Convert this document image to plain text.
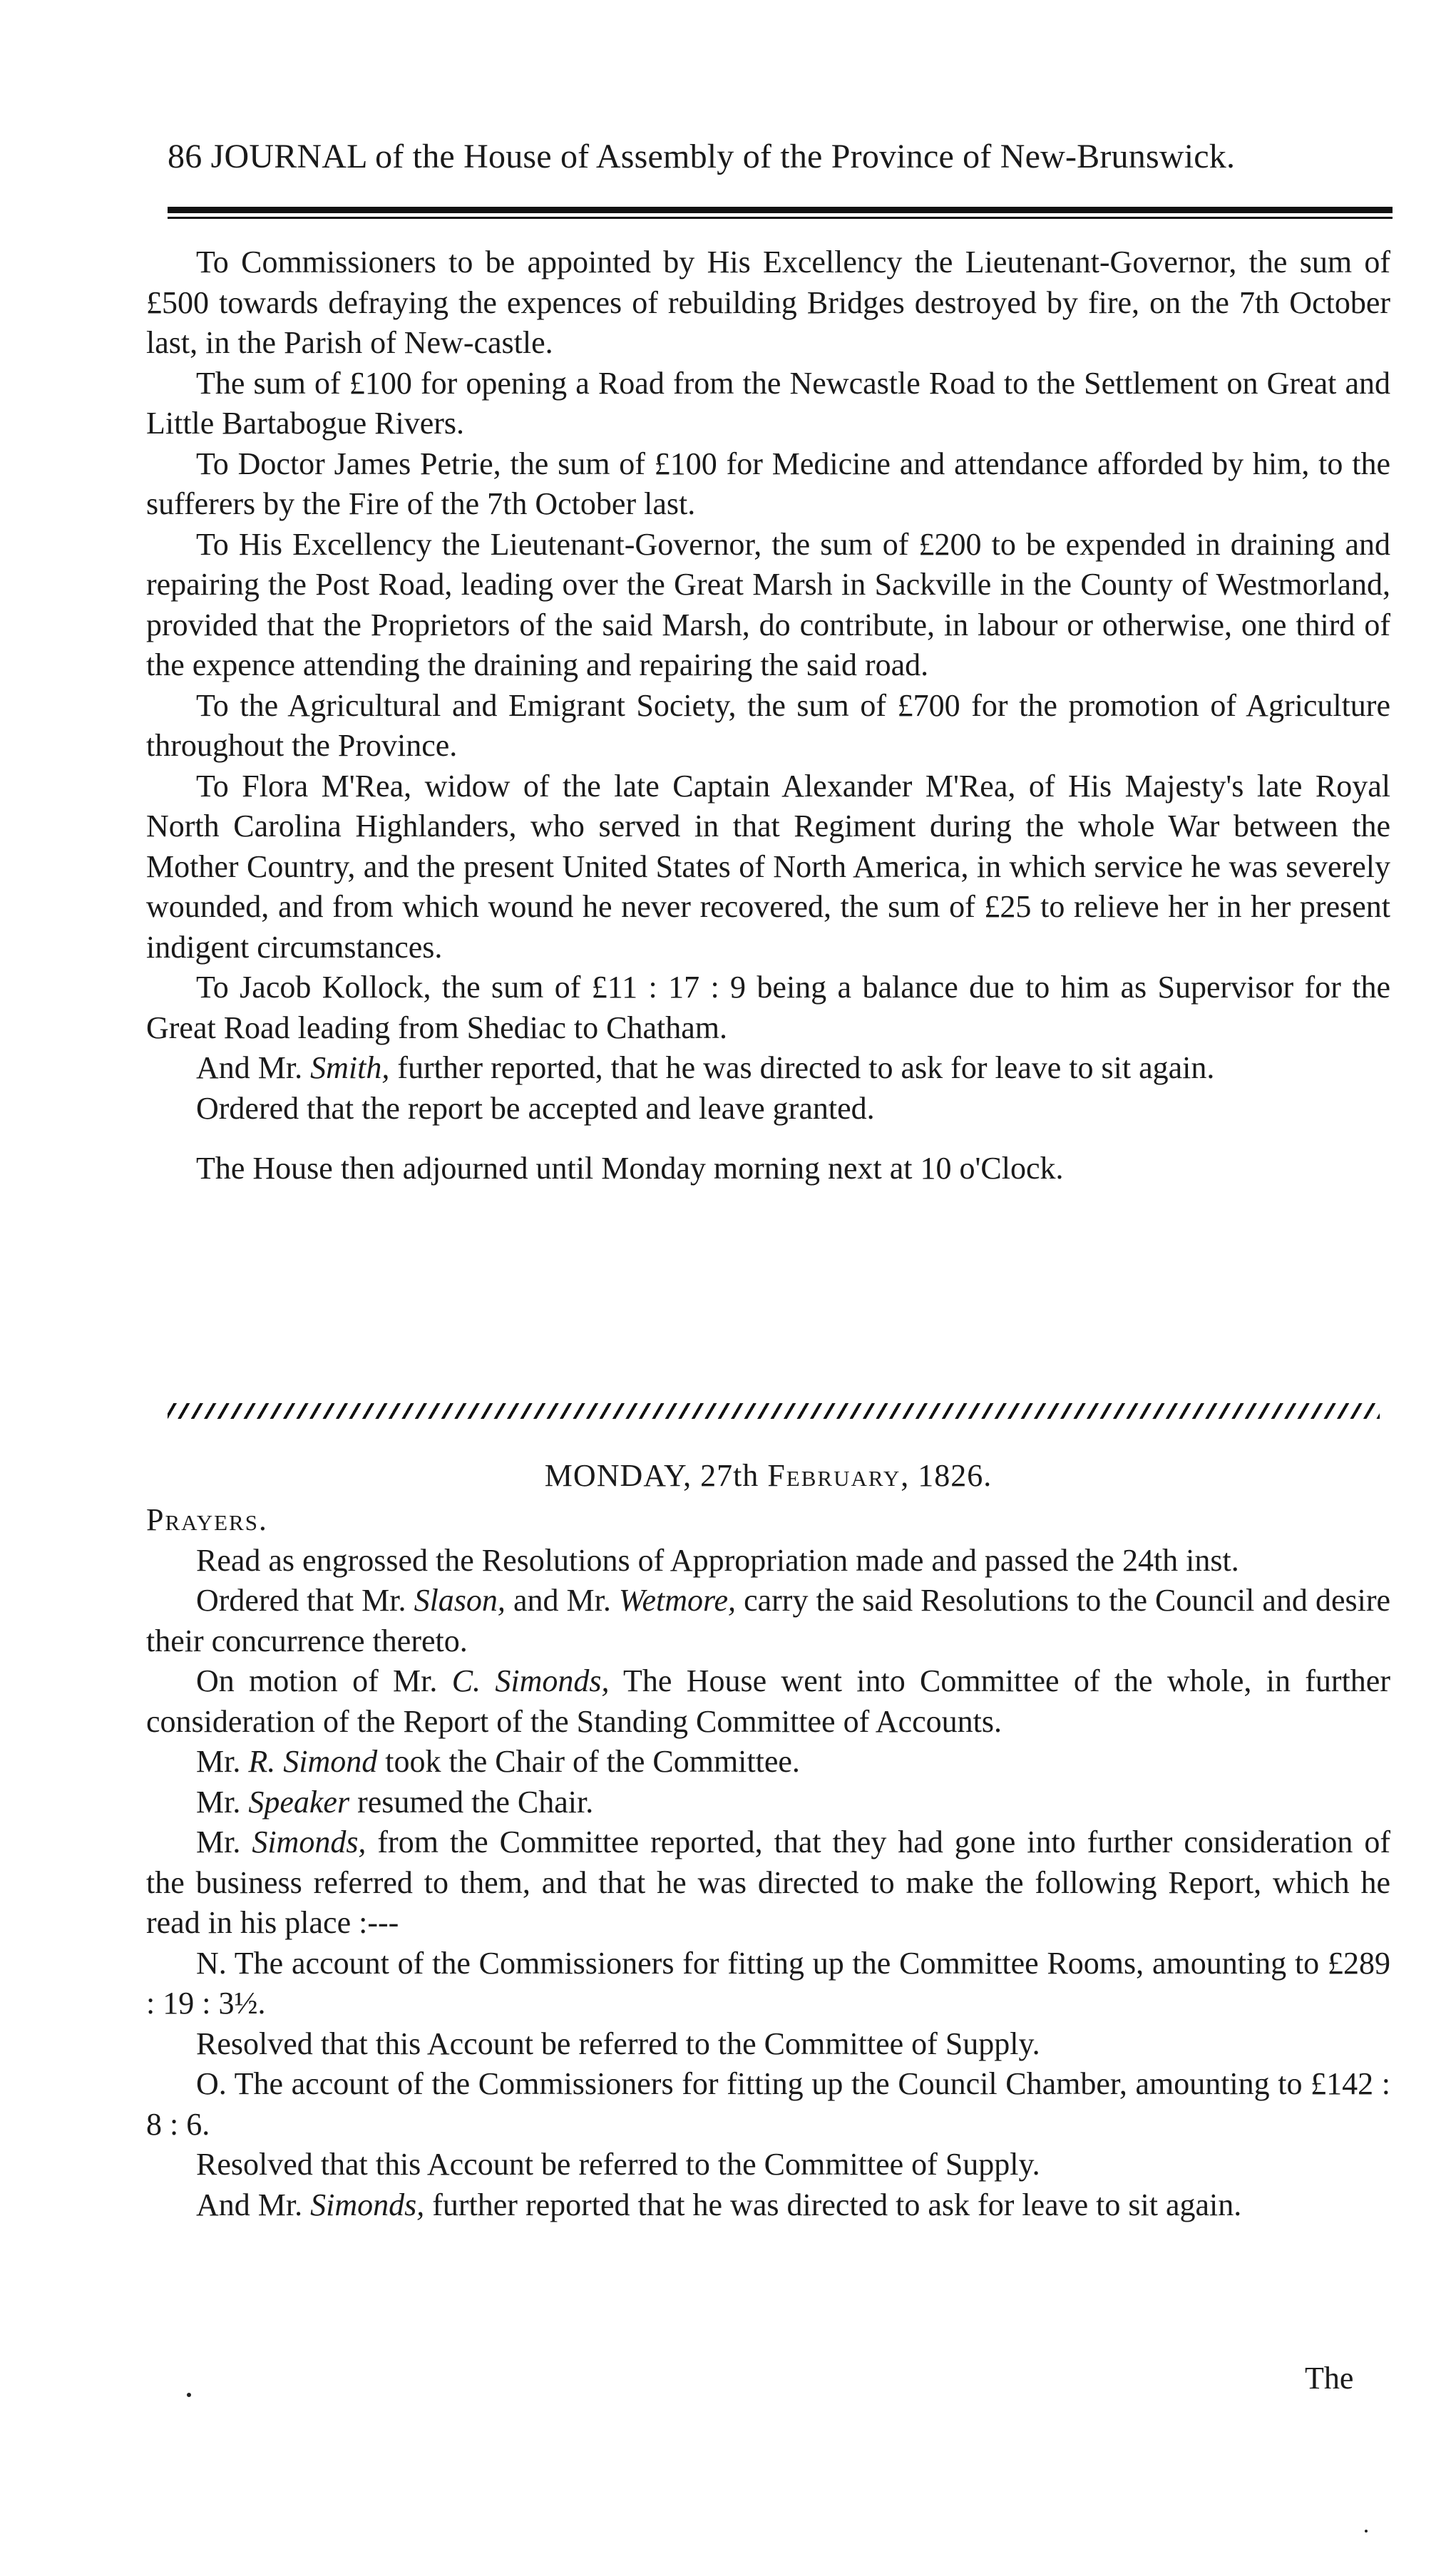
86 JOURNAL of the House of Assembly of the Province of New-Brunswick.

To Commissioners to be appointed by His Excellency the Lieutenant-Governor, the sum of £500 towards defraying the expences of rebuilding Bridges destroyed by fire, on the 7th October last, in the Parish of New-castle.

The sum of £100 for opening a Road from the Newcastle Road to the Settlement on Great and Little Bartabogue Rivers.

To Doctor James Petrie, the sum of £100 for Medicine and attendance afforded by him, to the sufferers by the Fire of the 7th October last.

To His Excellency the Lieutenant-Governor, the sum of £200 to be expended in draining and repairing the Post Road, leading over the Great Marsh in Sackville in the County of Westmorland, provided that the Proprietors of the said Marsh, do contribute, in labour or otherwise, one third of the expence attending the draining and repairing the said road.

To the Agricultural and Emigrant Society, the sum of £700 for the promotion of Agriculture throughout the Province.

To Flora M'Rea, widow of the late Captain Alexander M'Rea, of His Majesty's late Royal North Carolina Highlanders, who served in that Regiment during the whole War between the Mother Country, and the present United States of North America, in which service he was severely wounded, and from which wound he never recovered, the sum of £25 to relieve her in her present indigent circumstances.

To Jacob Kollock, the sum of £11 : 17 : 9 being a balance due to him as Supervisor for the Great Road leading from Shediac to Chatham.

And Mr. Smith, further reported, that he was directed to ask for leave to sit again.

Ordered that the report be accepted and leave granted.

The House then adjourned until Monday morning next at 10 o'Clock.

MONDAY, 27th February, 1826.

Prayers.

Read as engrossed the Resolutions of Appropriation made and passed the 24th inst.

Ordered that Mr. Slason, and Mr. Wetmore, carry the said Resolutions to the Council and desire their concurrence thereto.

On motion of Mr. C. Simonds, The House went into Committee of the whole, in further consideration of the Report of the Standing Committee of Accounts.

Mr. R. Simond took the Chair of the Committee.

Mr. Speaker resumed the Chair.

Mr. Simonds, from the Committee reported, that they had gone into further consideration of the business referred to them, and that he was directed to make the following Report, which he read in his place :---

N. The account of the Commissioners for fitting up the Committee Rooms, amounting to £289 : 19 : 3½.

Resolved that this Account be referred to the Committee of Supply.

O. The account of the Commissioners for fitting up the Council Chamber, amounting to £142 : 8 : 6.

Resolved that this Account be referred to the Committee of Supply.

And Mr. Simonds, further reported that he was directed to ask for leave to sit again.

The
